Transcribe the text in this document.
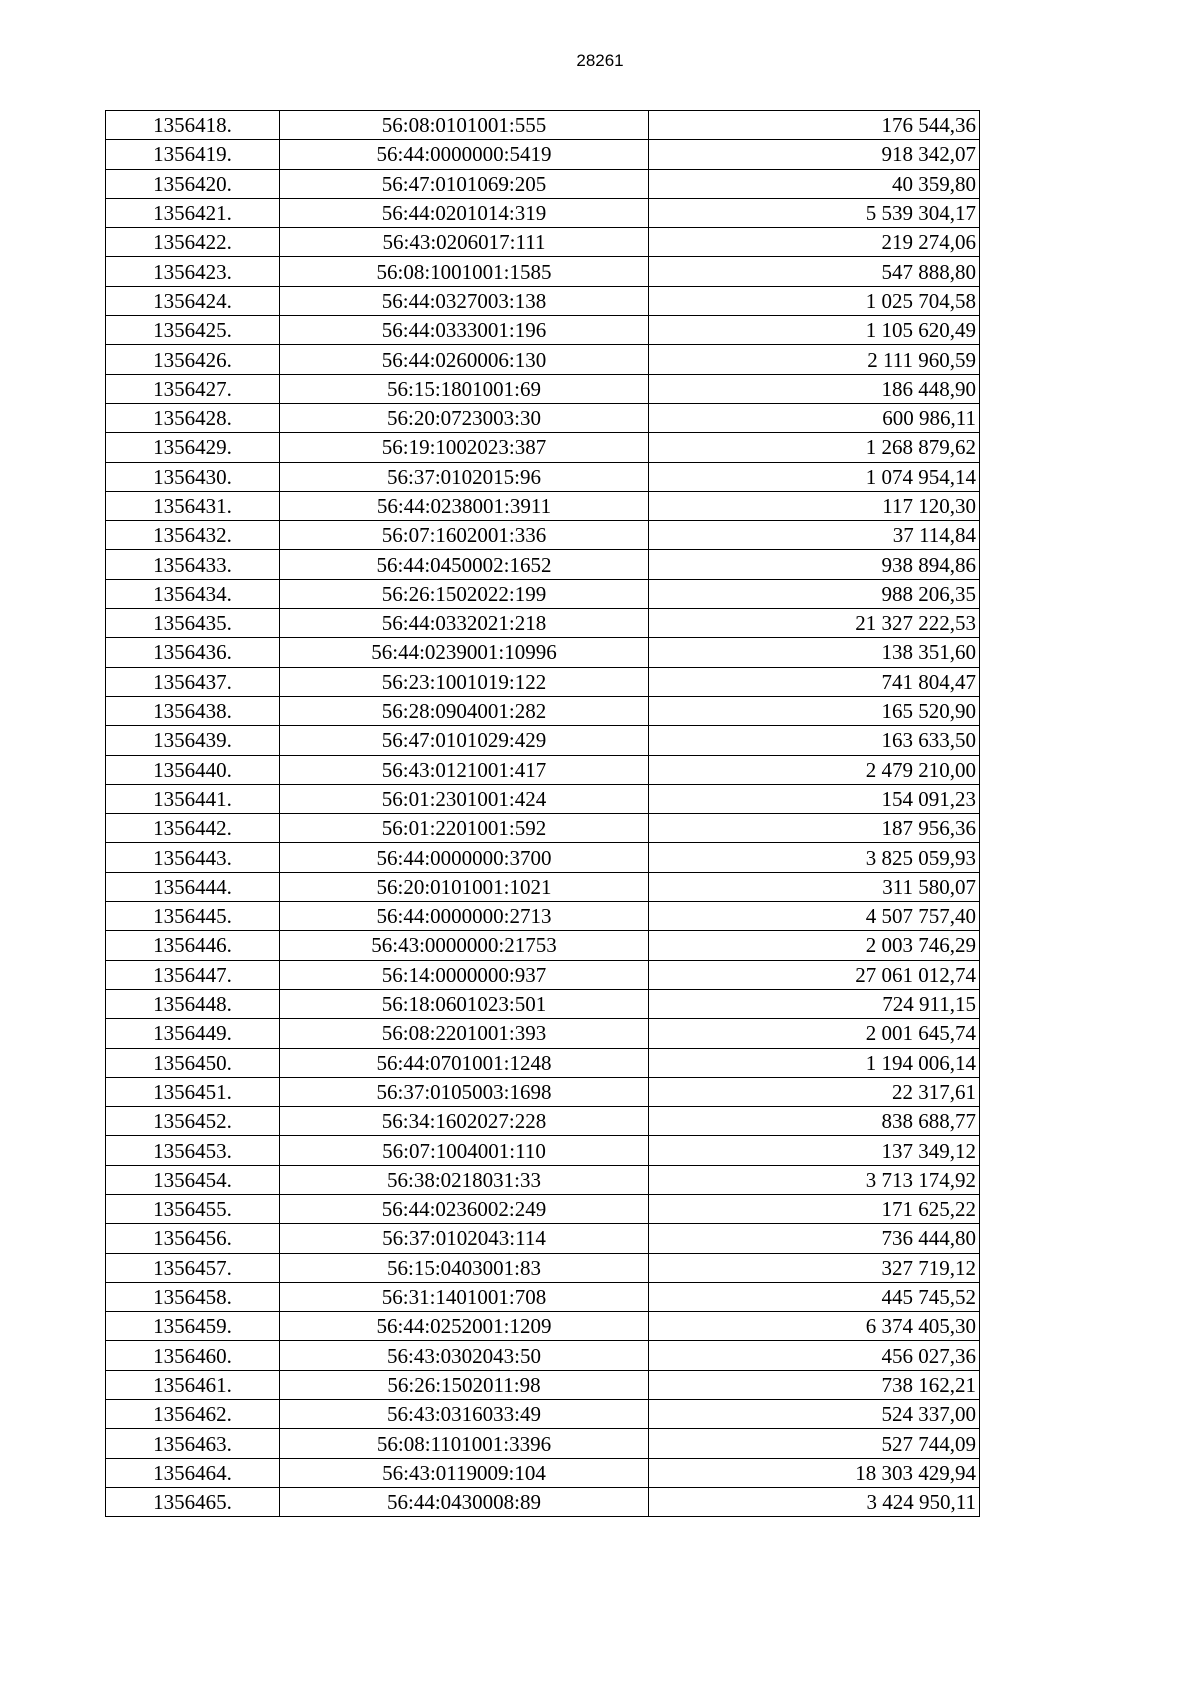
28261
1356418.	56:08:0101001:555	176 544,36
1356419.	56:44:0000000:5419	918 342,07
1356420.	56:47:0101069:205	40 359,80
1356421.	56:44:0201014:319	5 539 304,17
1356422.	56:43:0206017:111	219 274,06
1356423.	56:08:1001001:1585	547 888,80
1356424.	56:44:0327003:138	1 025 704,58
1356425.	56:44:0333001:196	1 105 620,49
1356426.	56:44:0260006:130	2 111 960,59
1356427.	56:15:1801001:69	186 448,90
1356428.	56:20:0723003:30	600 986,11
1356429.	56:19:1002023:387	1 268 879,62
1356430.	56:37:0102015:96	1 074 954,14
1356431.	56:44:0238001:3911	117 120,30
1356432.	56:07:1602001:336	37 114,84
1356433.	56:44:0450002:1652	938 894,86
1356434.	56:26:1502022:199	988 206,35
1356435.	56:44:0332021:218	21 327 222,53
1356436.	56:44:0239001:10996	138 351,60
1356437.	56:23:1001019:122	741 804,47
1356438.	56:28:0904001:282	165 520,90
1356439.	56:47:0101029:429	163 633,50
1356440.	56:43:0121001:417	2 479 210,00
1356441.	56:01:2301001:424	154 091,23
1356442.	56:01:2201001:592	187 956,36
1356443.	56:44:0000000:3700	3 825 059,93
1356444.	56:20:0101001:1021	311 580,07
1356445.	56:44:0000000:2713	4 507 757,40
1356446.	56:43:0000000:21753	2 003 746,29
1356447.	56:14:0000000:937	27 061 012,74
1356448.	56:18:0601023:501	724 911,15
1356449.	56:08:2201001:393	2 001 645,74
1356450.	56:44:0701001:1248	1 194 006,14
1356451.	56:37:0105003:1698	22 317,61
1356452.	56:34:1602027:228	838 688,77
1356453.	56:07:1004001:110	137 349,12
1356454.	56:38:0218031:33	3 713 174,92
1356455.	56:44:0236002:249	171 625,22
1356456.	56:37:0102043:114	736 444,80
1356457.	56:15:0403001:83	327 719,12
1356458.	56:31:1401001:708	445 745,52
1356459.	56:44:0252001:1209	6 374 405,30
1356460.	56:43:0302043:50	456 027,36
1356461.	56:26:1502011:98	738 162,21
1356462.	56:43:0316033:49	524 337,00
1356463.	56:08:1101001:3396	527 744,09
1356464.	56:43:0119009:104	18 303 429,94
1356465.	56:44:0430008:89	3 424 950,11
